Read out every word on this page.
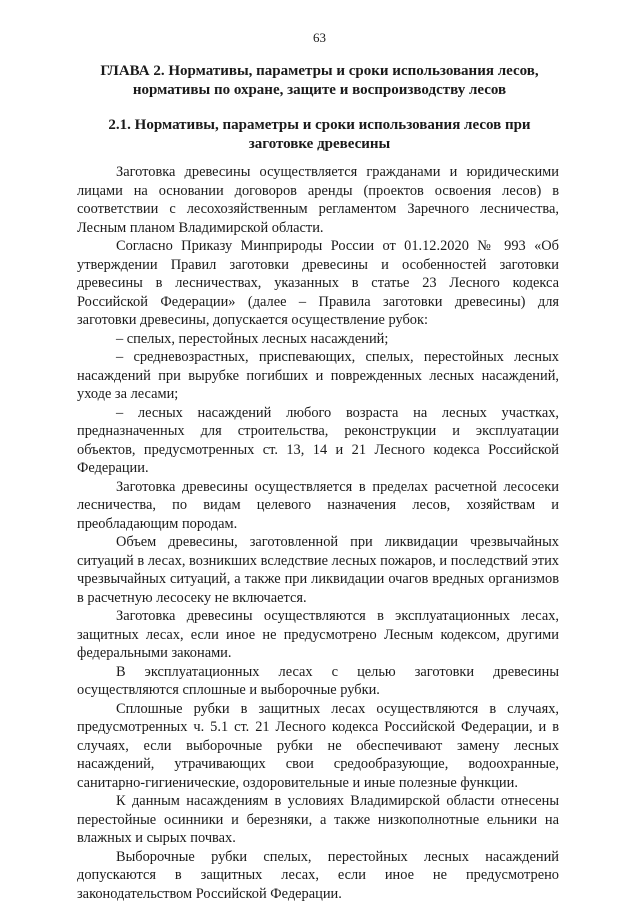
63
ГЛАВА 2. Нормативы, параметры и сроки использования лесов, нормативы по охране, защите и воспроизводству лесов
2.1. Нормативы, параметры и сроки использования лесов при заготовке древесины

Заготовка древесины осуществляется гражданами и юридическими лицами на основании договоров аренды (проектов освоения лесов) в соответствии с лесохозяйственным регламентом Заречного лесничества, Лесным планом Владимирской области.

Согласно Приказу Минприроды России от 01.12.2020 № 993 «Об утверждении Правил заготовки древесины и особенностей заготовки древесины в лесничествах, указанных в статье 23 Лесного кодекса Российской Федерации» (далее – Правила заготовки древесины) для заготовки древесины, допускается осуществление рубок:

– спелых, перестойных лесных насаждений;

– средневозрастных, приспевающих, спелых, перестойных лесных насаждений при вырубке погибших и поврежденных лесных насаждений, уходе за лесами;

– лесных насаждений любого возраста на лесных участках, предназначенных для строительства, реконструкции и эксплуатации объектов, предусмотренных ст. 13, 14 и 21 Лесного кодекса Российской Федерации.

Заготовка древесины осуществляется в пределах расчетной лесосеки лесничества, по видам целевого назначения лесов, хозяйствам и преобладающим породам.

Объем древесины, заготовленной при ликвидации чрезвычайных ситуаций в лесах, возникших вследствие лесных пожаров, и последствий этих чрезвычайных ситуаций, а также при ликвидации очагов вредных организмов в расчетную лесосеку не включается.

Заготовка древесины осуществляются в эксплуатационных лесах, защитных лесах, если иное не предусмотрено Лесным кодексом, другими федеральными законами.

В эксплуатационных лесах с целью заготовки древесины осуществляются сплошные и выборочные рубки.

Сплошные рубки в защитных лесах осуществляются в случаях, предусмотренных ч. 5.1 ст. 21 Лесного кодекса Российской Федерации, и в случаях, если выборочные рубки не обеспечивают замену лесных насаждений, утрачивающих свои средообразующие, водоохранные, санитарно-гигиенические, оздоровительные и иные полезные функции.

К данным насаждениям в условиях Владимирской области отнесены перестойные осинники и березняки, а также низкополнотные ельники на влажных и сырых почвах.

Выборочные рубки спелых, перестойных лесных насаждений допускаются в защитных лесах, если иное не предусмотрено законодательством Российской Федерации.
